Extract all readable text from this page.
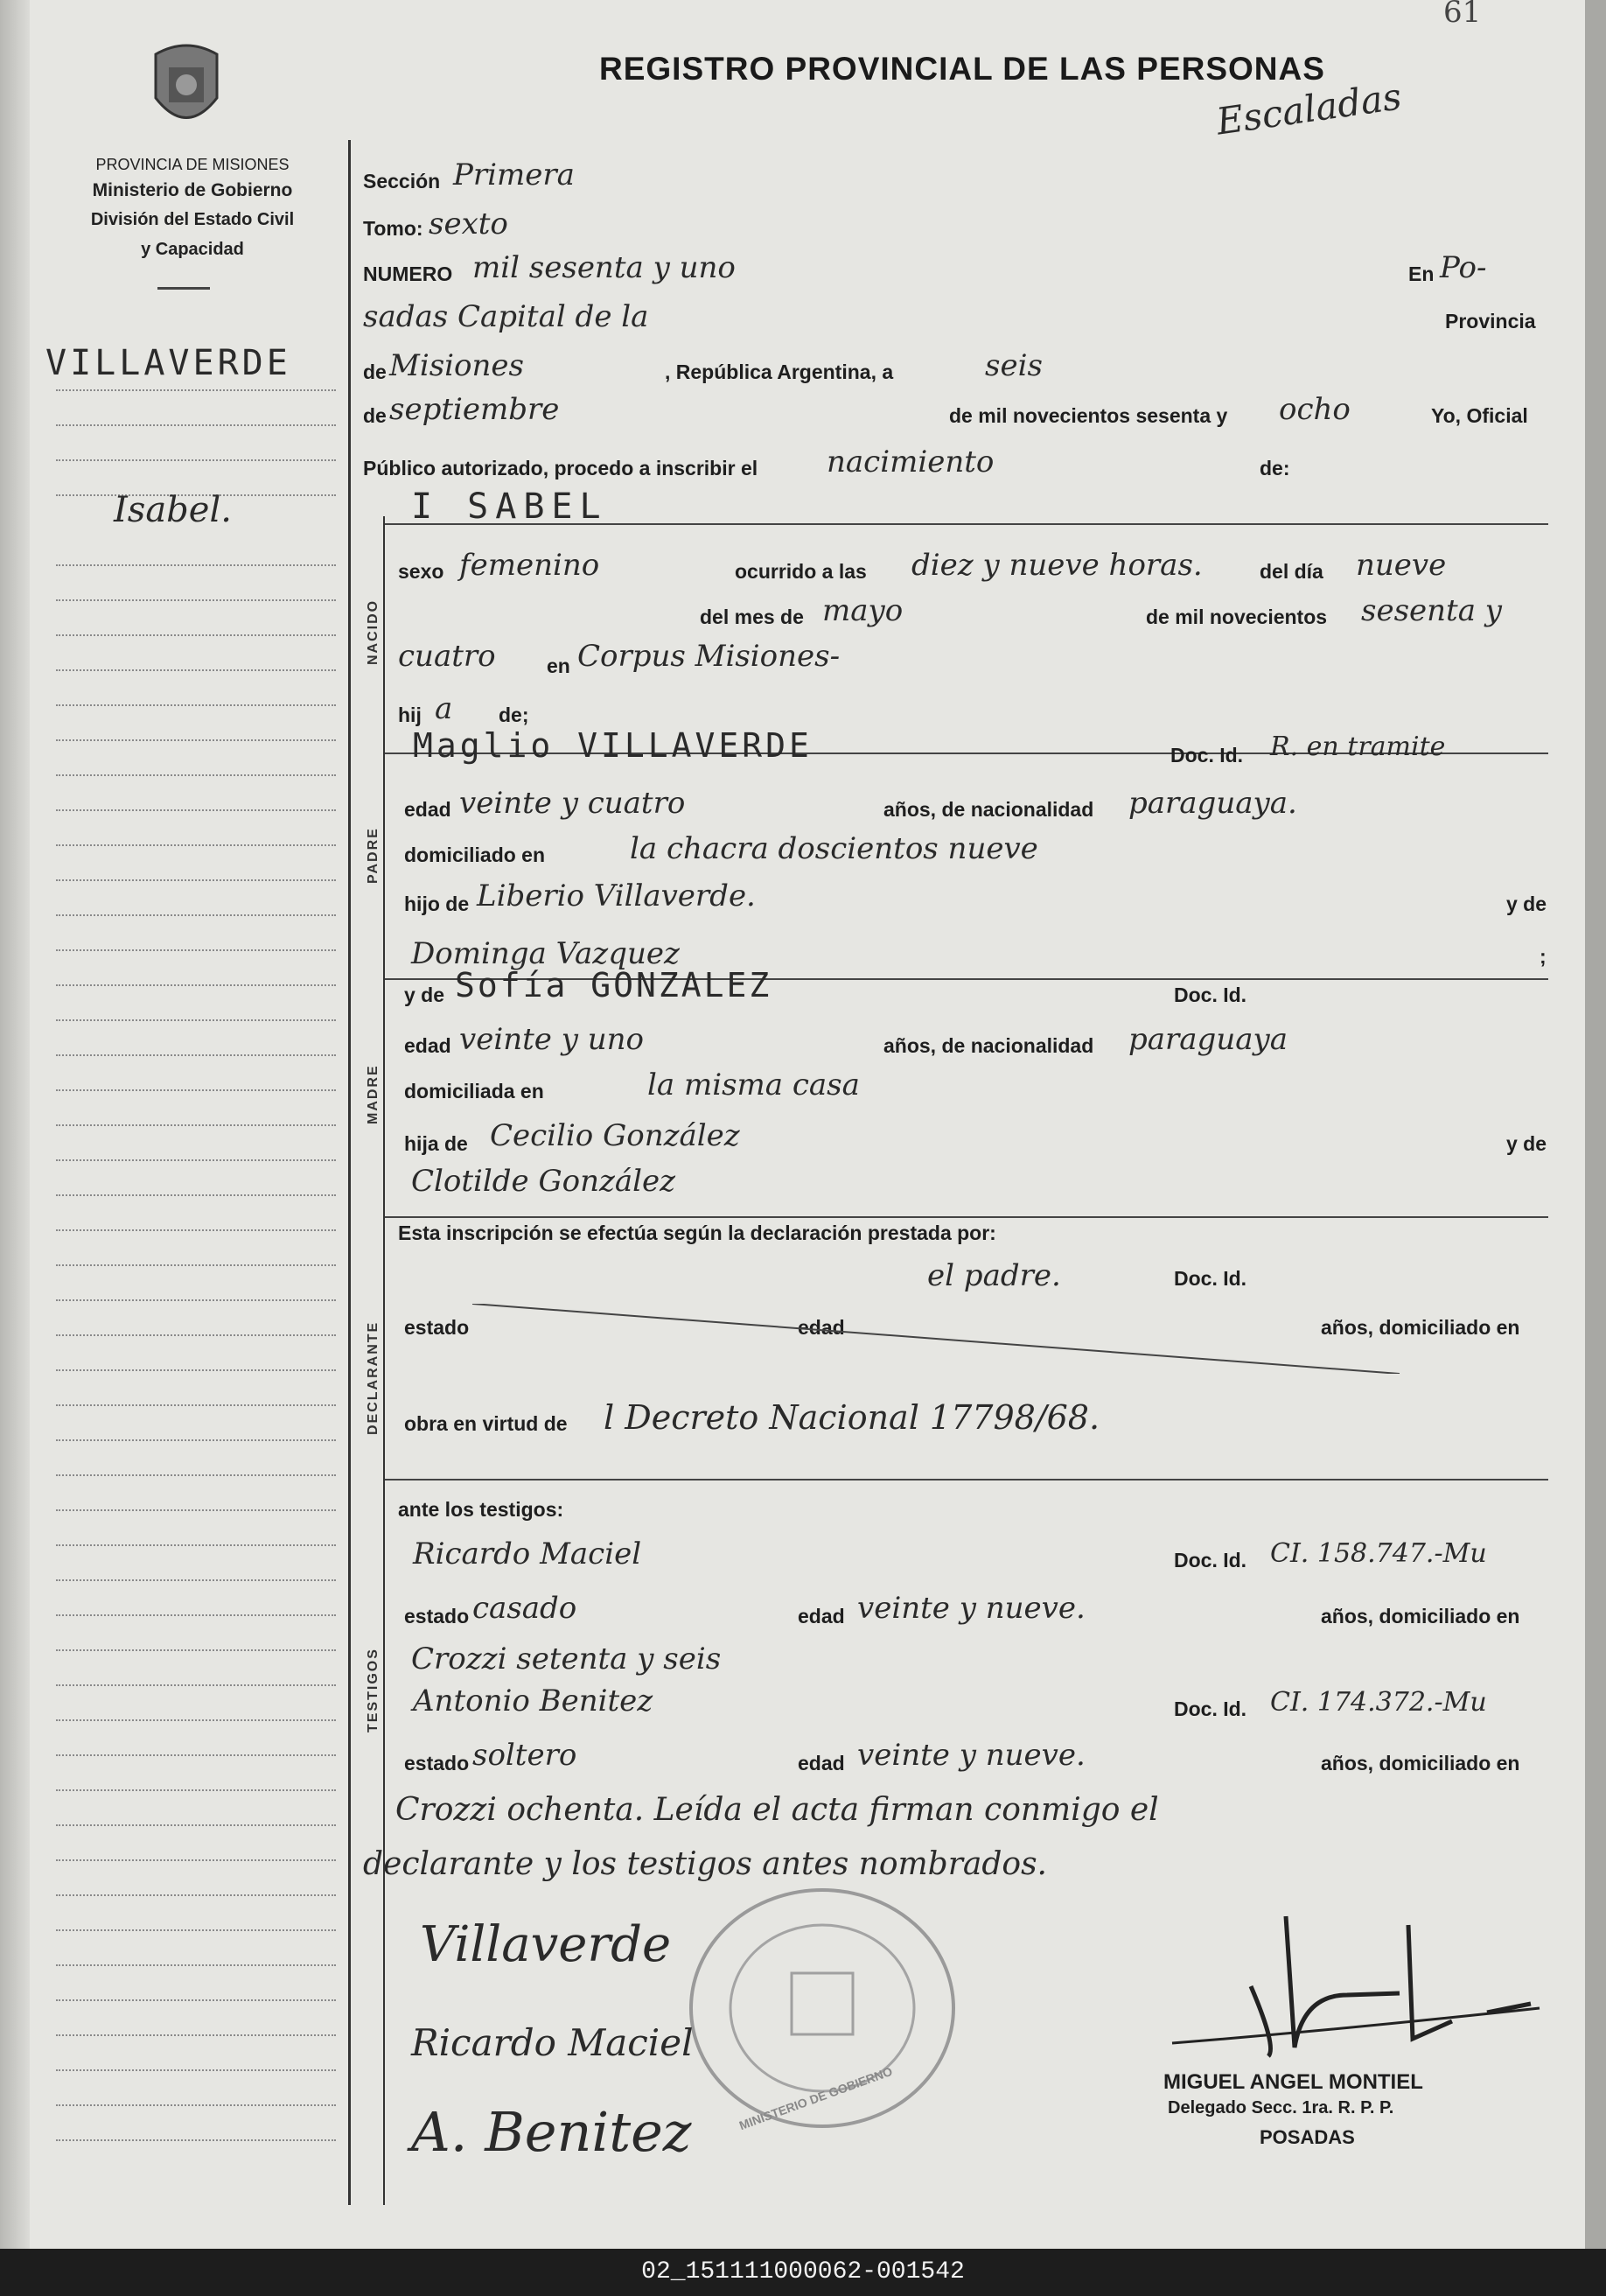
61
REGISTRO PROVINCIAL DE LAS PERSONAS
Escaladas
PROVINCIA DE MISIONES
Ministerio de Gobierno
División del Estado Civil
y Capacidad
VILLAVERDE
Isabel.
NACIDO
PADRE
MADRE
DECLARANTE
TESTIGOS
Sección Primera
Tomo: sexto
NUMERO mil sesenta y uno	En Po-
sadas Capital de la	Provincia
de Misiones	, República Argentina, a	seis
de septiembre	de mil novecientos sesenta y ocho	Yo, Oficial
Público autorizado, procedo a inscribir el nacimiento	de:
I SABEL
sexo femenino	ocurrido a las diez y nueve horas.	del día nueve
del mes de mayo	de mil novecientos sesenta y
cuatro	en Corpus Misiones-
hij a de;
Maglio VILLAVERDE	Doc. Id. R. en tramite
edad veinte y cuatro	años, de nacionalidad paraguaya.
domiciliado en	la chacra doscientos nueve
hijo de Liberio Villaverde.	y de
Dominga Vazquez	;
y de Sofía GONZALEZ	Doc. Id.
edad veinte y uno	años, de nacionalidad paraguaya
domiciliada en	la misma casa
hija de Cecilio González	y de
Clotilde González
Esta inscripción se efectúa según la declaración prestada por:
el padre.	Doc. Id.
estado	edad	años, domiciliado en
obra en virtud de l Decreto Nacional 17798/68.
ante los testigos:
Ricardo Maciel	Doc. Id. CI. 158.747.-Mu
estado casado	edad veinte y nueve.	años, domiciliado en
Crozzi setenta y seis
Antonio Benitez	Doc. Id. CI. 174.372.-Mu
estado soltero	edad veinte y nueve.	años, domiciliado en
Crozzi ochenta. Leída el acta firman conmigo el
declarante y los testigos antes nombrados.
MINISTERIO DE GOBIERNO
Villaverde
Ricardo Maciel
A. Benitez
MIGUEL ANGEL MONTIEL
Delegado Secc. 1ra. R. P. P.
POSADAS
02_151111000062-001542
